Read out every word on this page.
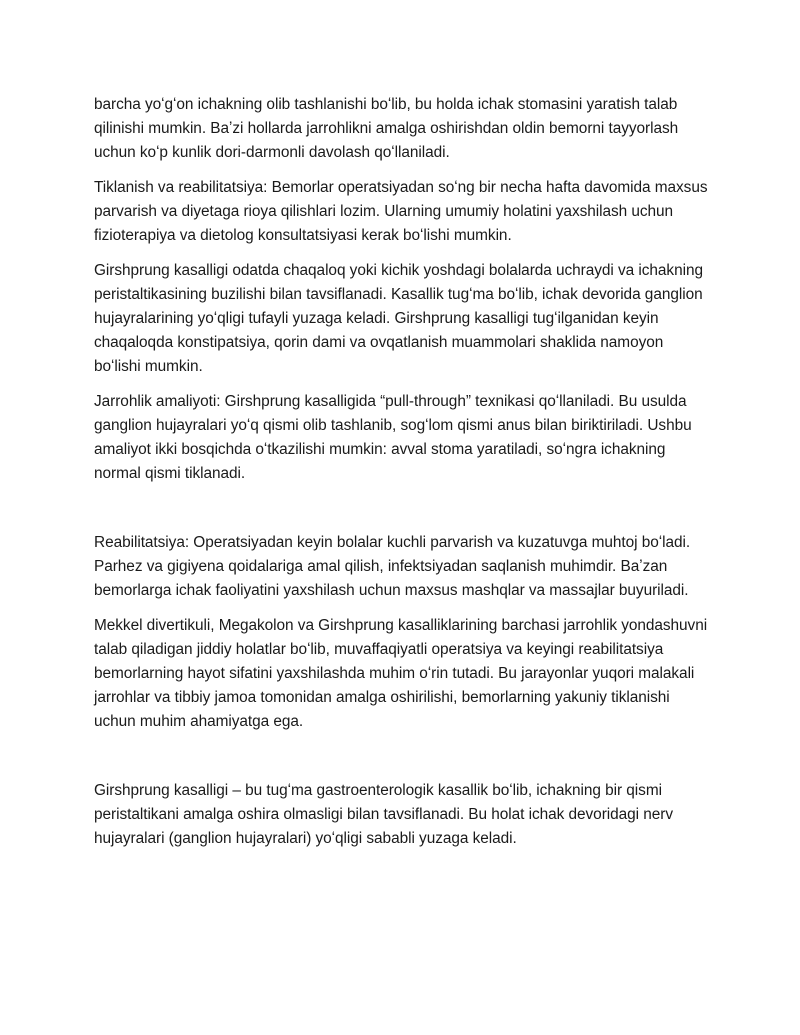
barcha yoʻgʻon ichakning olib tashlanishi boʻlib, bu holda ichak stomasini yaratish talab qilinishi mumkin. Baʼzi hollarda jarrohlikni amalga oshirishdan oldin bemorni tayyorlash uchun koʻp kunlik dori-darmonli davolash qoʻllaniladi.

Tiklanish va reabilitatsiya: Bemorlar operatsiyadan soʻng bir necha hafta davomida maxsus parvarish va diyetaga rioya qilishlari lozim. Ularning umumiy holatini yaxshilash uchun fizioterapiya va dietolog konsultatsiyasi kerak boʻlishi mumkin.

Girshprung kasalligi odatda chaqaloq yoki kichik yoshdagi bolalarda uchraydi va ichakning peristaltikasining buzilishi bilan tavsiflanadi. Kasallik tugʻma boʻlib, ichak devorida ganglion hujayralarining yoʻqligi tufayli yuzaga keladi. Girshprung kasalligi tugʻilganidan keyin chaqaloqda konstipatsiya, qorin dami va ovqatlanish muammolari shaklida namoyon boʻlishi mumkin.

Jarrohlik amaliyoti: Girshprung kasalligida “pull-through” texnikasi qoʻllaniladi. Bu usulda ganglion hujayralari yoʻq qismi olib tashlanib, sogʻlom qismi anus bilan biriktiriladi. Ushbu amaliyot ikki bosqichda oʻtkazilishi mumkin: avval stoma yaratiladi, soʻngra ichakning normal qismi tiklanadi.

Reabilitatsiya: Operatsiyadan keyin bolalar kuchli parvarish va kuzatuvga muhtoj boʻladi. Parhez va gigiyena qoidalariga amal qilish, infektsiyadan saqlanish muhimdir. Baʼzan bemorlarga ichak faoliyatini yaxshilash uchun maxsus mashqlar va massajlar buyuriladi.

Mekkel divertikuli, Megakolon va Girshprung kasalliklarining barchasi jarrohlik yondashuvni talab qiladigan jiddiy holatlar boʻlib, muvaffaqiyatli operatsiya va keyingi reabilitatsiya bemorlarning hayot sifatini yaxshilashda muhim oʻrin tutadi. Bu jarayonlar yuqori malakali jarrohlar va tibbiy jamoa tomonidan amalga oshirilishi, bemorlarning yakuniy tiklanishi uchun muhim ahamiyatga ega.

Girshprung kasalligi – bu tugʻma gastroenterologik kasallik boʻlib, ichakning bir qismi peristaltikani amalga oshira olmasligi bilan tavsiflanadi. Bu holat ichak devoridagi nerv hujayralari (ganglion hujayralari) yoʻqligi sababli yuzaga keladi.
